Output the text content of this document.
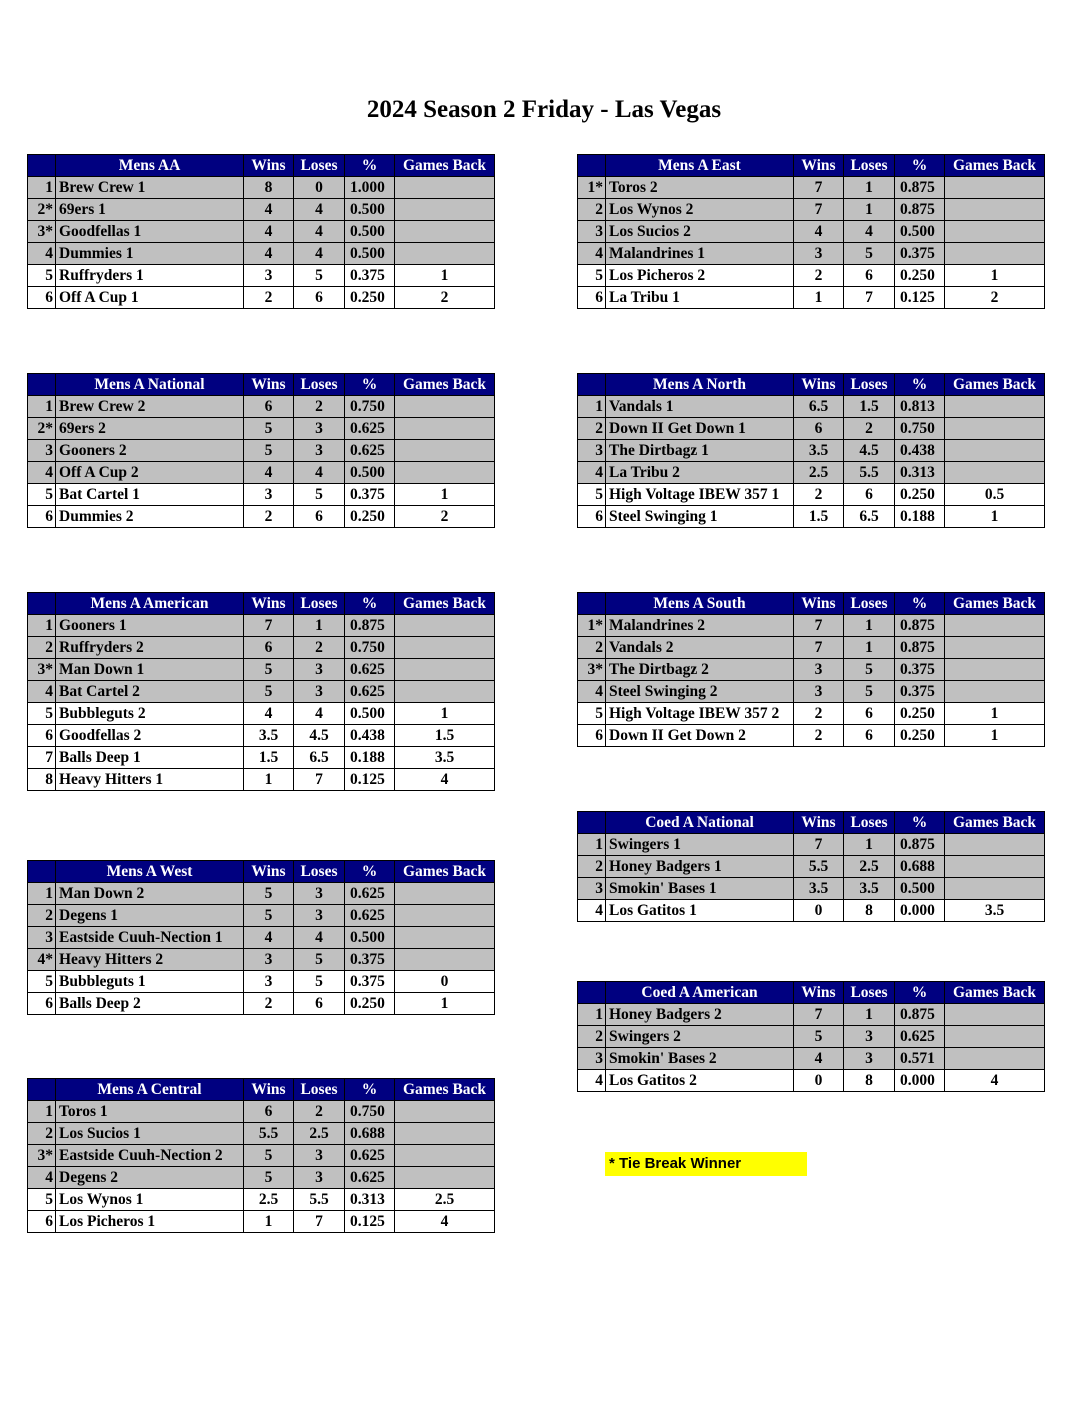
2024 Season 2 Friday - Las Vegas
	Mens AA	Wins	Loses	%	Games Back
1	Brew Crew 1	8	0	1.000	
2*	69ers 1	4	4	0.500	
3*	Goodfellas 1	4	4	0.500	
4	Dummies 1	4	4	0.500	
5	Ruffryders 1	3	5	0.375	1
6	Off A Cup 1	2	6	0.250	2
	Mens A East	Wins	Loses	%	Games Back
1*	Toros 2	7	1	0.875	
2	Los Wynos 2	7	1	0.875	
3	Los Sucios 2	4	4	0.500	
4	Malandrines 1	3	5	0.375	
5	Los Picheros 2	2	6	0.250	1
6	La Tribu 1	1	7	0.125	2
	Mens A National	Wins	Loses	%	Games Back
1	Brew Crew 2	6	2	0.750	
2*	69ers 2	5	3	0.625	
3	Gooners 2	5	3	0.625	
4	Off A Cup 2	4	4	0.500	
5	Bat Cartel 1	3	5	0.375	1
6	Dummies 2	2	6	0.250	2
	Mens A North	Wins	Loses	%	Games Back
1	Vandals 1	6.5	1.5	0.813	
2	Down II Get Down 1	6	2	0.750	
3	The Dirtbagz 1	3.5	4.5	0.438	
4	La Tribu 2	2.5	5.5	0.313	
5	High Voltage IBEW 357 1	2	6	0.250	0.5
6	Steel Swinging 1	1.5	6.5	0.188	1
	Mens A American	Wins	Loses	%	Games Back
1	Gooners 1	7	1	0.875	
2	Ruffryders 2	6	2	0.750	
3*	Man Down 1	5	3	0.625	
4	Bat Cartel 2	5	3	0.625	
5	Bubbleguts 2	4	4	0.500	1
6	Goodfellas 2	3.5	4.5	0.438	1.5
7	Balls Deep 1	1.5	6.5	0.188	3.5
8	Heavy Hitters 1	1	7	0.125	4
	Mens A South	Wins	Loses	%	Games Back
1*	Malandrines 2	7	1	0.875	
2	Vandals 2	7	1	0.875	
3*	The Dirtbagz 2	3	5	0.375	
4	Steel Swinging 2	3	5	0.375	
5	High Voltage IBEW 357 2	2	6	0.250	1
6	Down II Get Down 2	2	6	0.250	1
	Coed A National	Wins	Loses	%	Games Back
1	Swingers 1	7	1	0.875	
2	Honey Badgers 1	5.5	2.5	0.688	
3	Smokin' Bases 1	3.5	3.5	0.500	
4	Los Gatitos 1	0	8	0.000	3.5
	Mens A West	Wins	Loses	%	Games Back
1	Man Down 2	5	3	0.625	
2	Degens 1	5	3	0.625	
3	Eastside Cuuh-Nection 1	4	4	0.500	
4*	Heavy Hitters 2	3	5	0.375	
5	Bubbleguts 1	3	5	0.375	0
6	Balls Deep 2	2	6	0.250	1
	Coed A American	Wins	Loses	%	Games Back
1	Honey Badgers 2	7	1	0.875	
2	Swingers 2	5	3	0.625	
3	Smokin' Bases 2	4	3	0.571	
4	Los Gatitos 2	0	8	0.000	4
	Mens A Central	Wins	Loses	%	Games Back
1	Toros 1	6	2	0.750	
2	Los Sucios 1	5.5	2.5	0.688	
3*	Eastside Cuuh-Nection 2	5	3	0.625	
4	Degens 2	5	3	0.625	
5	Los Wynos 1	2.5	5.5	0.313	2.5
6	Los Picheros 1	1	7	0.125	4
* Tie Break Winner
